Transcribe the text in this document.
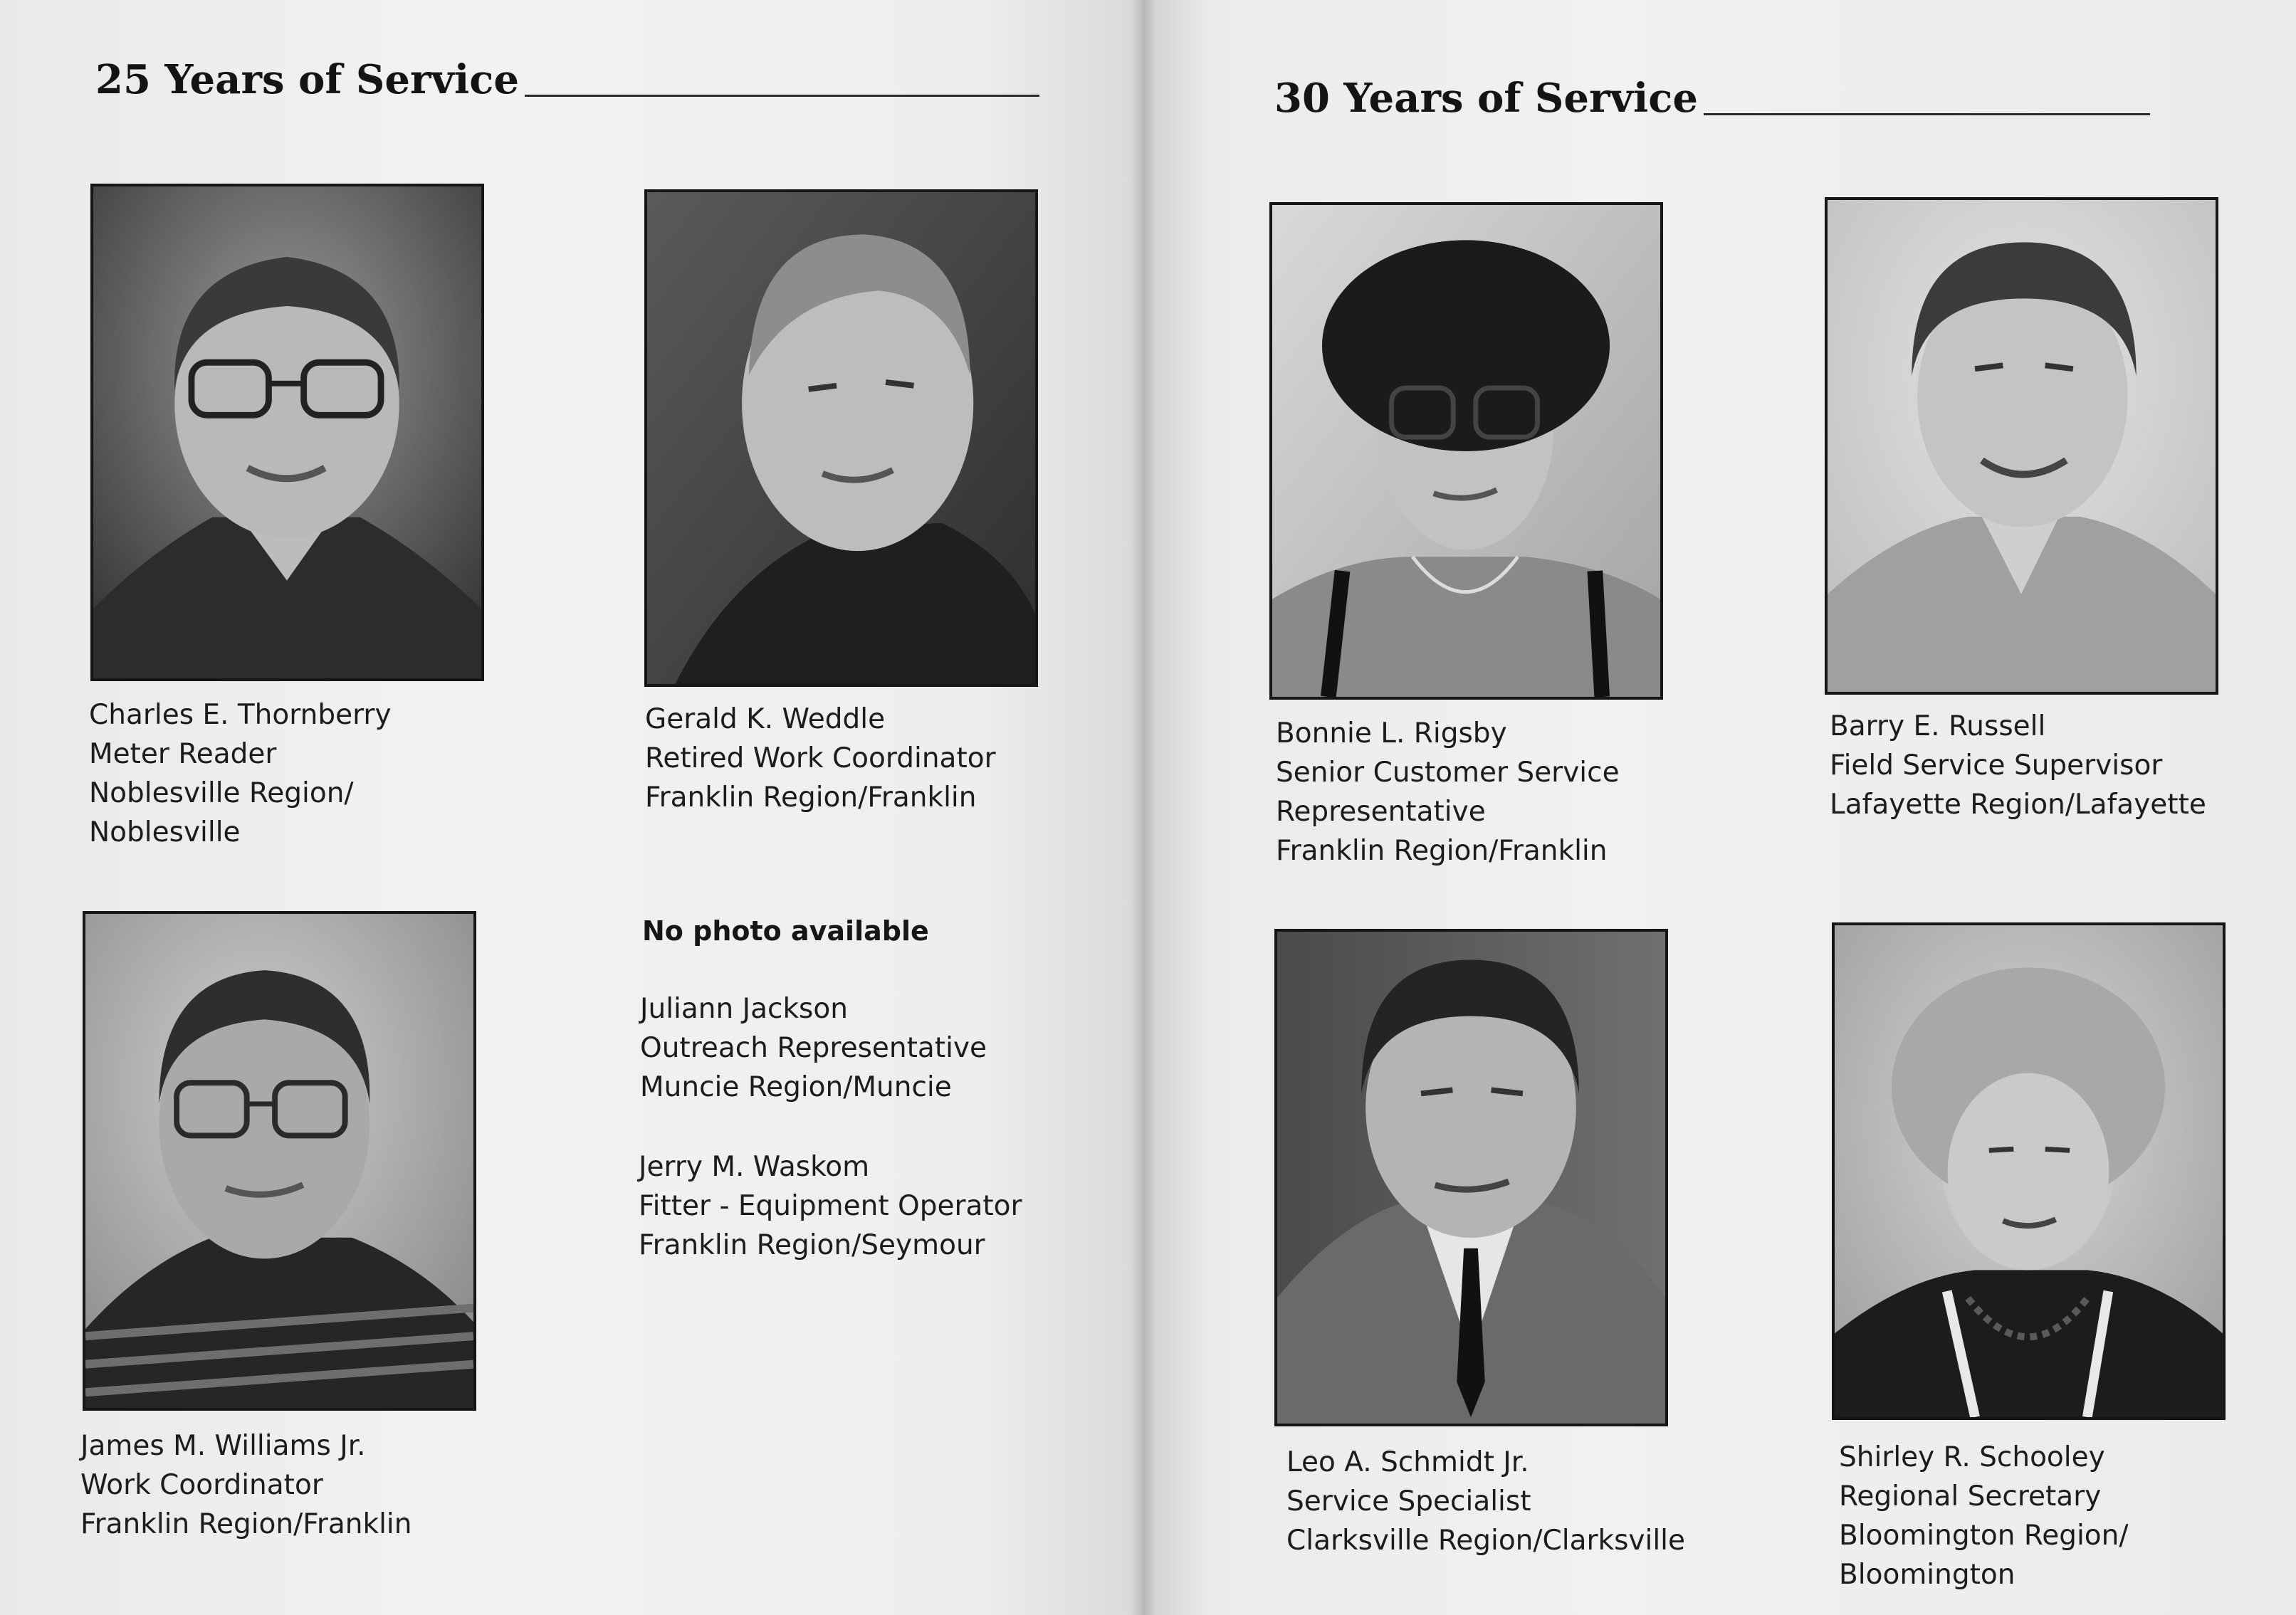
25 Years of Service
Charles E. Thornberry
Meter Reader
Noblesville Region/
Noblesville
Gerald K. Weddle
Retired Work Coordinator
Franklin Region/Franklin
James M. Williams Jr.
Work Coordinator
Franklin Region/Franklin
No photo available
Juliann Jackson
Outreach Representative
Muncie Region/Muncie
Jerry M. Waskom
Fitter - Equipment Operator
Franklin Region/Seymour
30 Years of Service
Bonnie L. Rigsby
Senior Customer Service
Representative
Franklin Region/Franklin
Barry E. Russell
Field Service Supervisor
Lafayette Region/Lafayette
Leo A. Schmidt Jr.
Service Specialist
Clarksville Region/Clarksville
Shirley R. Schooley
Regional Secretary
Bloomington Region/
Bloomington
